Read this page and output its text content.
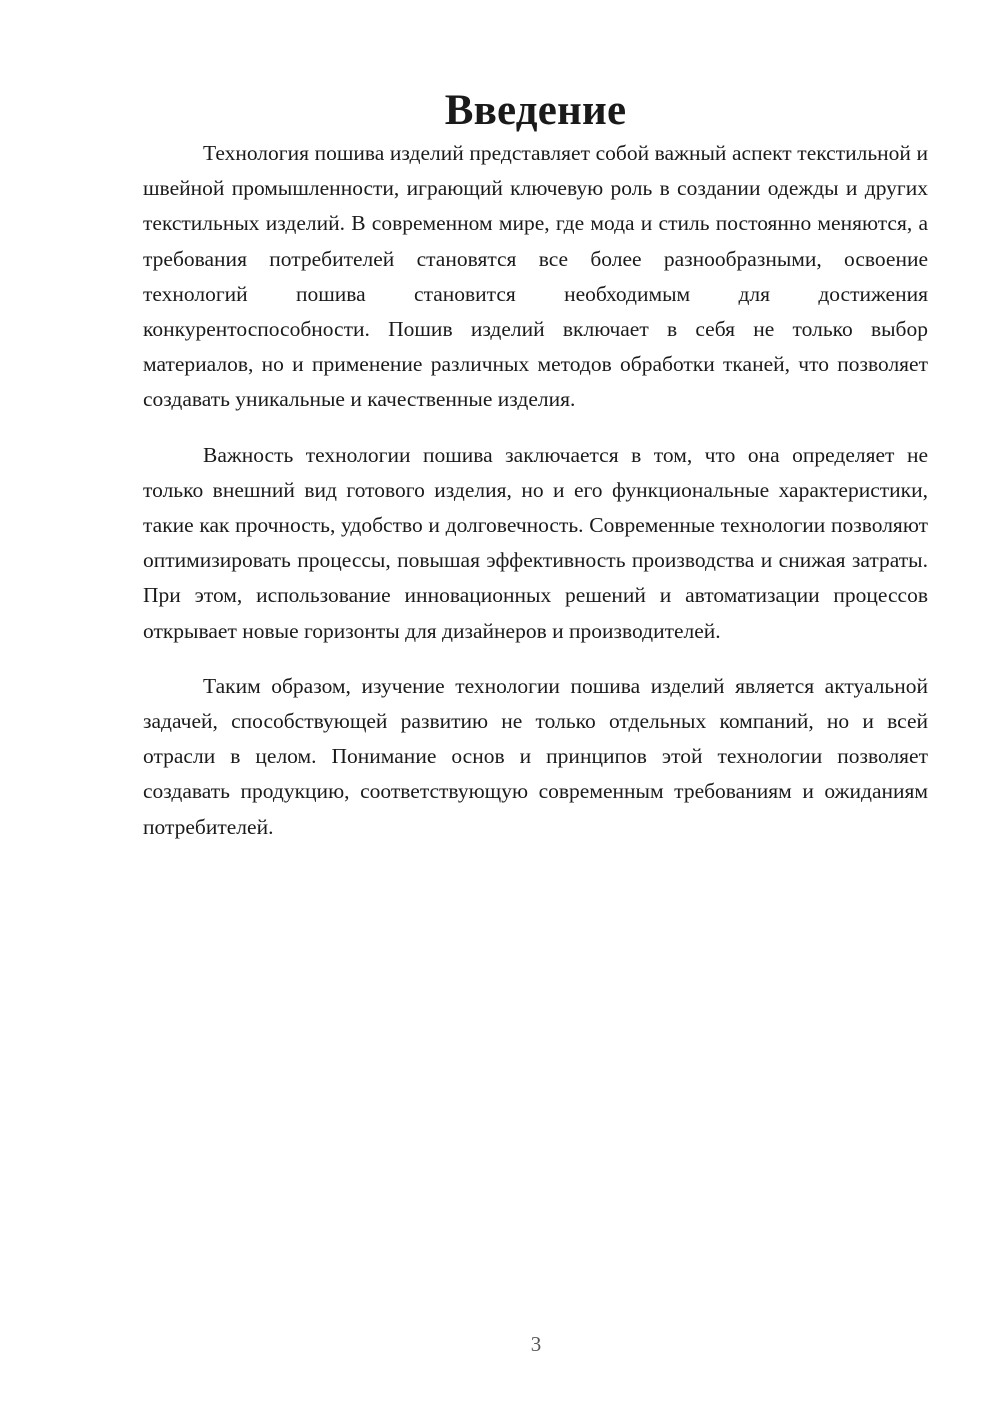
Введение

Технология пошива изделий представляет собой важный аспект текстильной и швейной промышленности, играющий ключевую роль в создании одежды и других текстильных изделий. В современном мире, где мода и стиль постоянно меняются, а требования потребителей становятся все более разнообразными, освоение технологий пошива становится необходимым для достижения конкурентоспособности. Пошив изделий включает в себя не только выбор материалов, но и применение различных методов обработки тканей, что позволяет создавать уникальные и качественные изделия.

Важность технологии пошива заключается в том, что она определяет не только внешний вид готового изделия, но и его функциональные характеристики, такие как прочность, удобство и долговечность. Современные технологии позволяют оптимизировать процессы, повышая эффективность производства и снижая затраты. При этом, использование инновационных решений и автоматизации процессов открывает новые горизонты для дизайнеров и производителей.

Таким образом, изучение технологии пошива изделий является актуальной задачей, способствующей развитию не только отдельных компаний, но и всей отрасли в целом. Понимание основ и принципов этой технологии позволяет создавать продукцию, соответствующую современным требованиям и ожиданиям потребителей.

3
